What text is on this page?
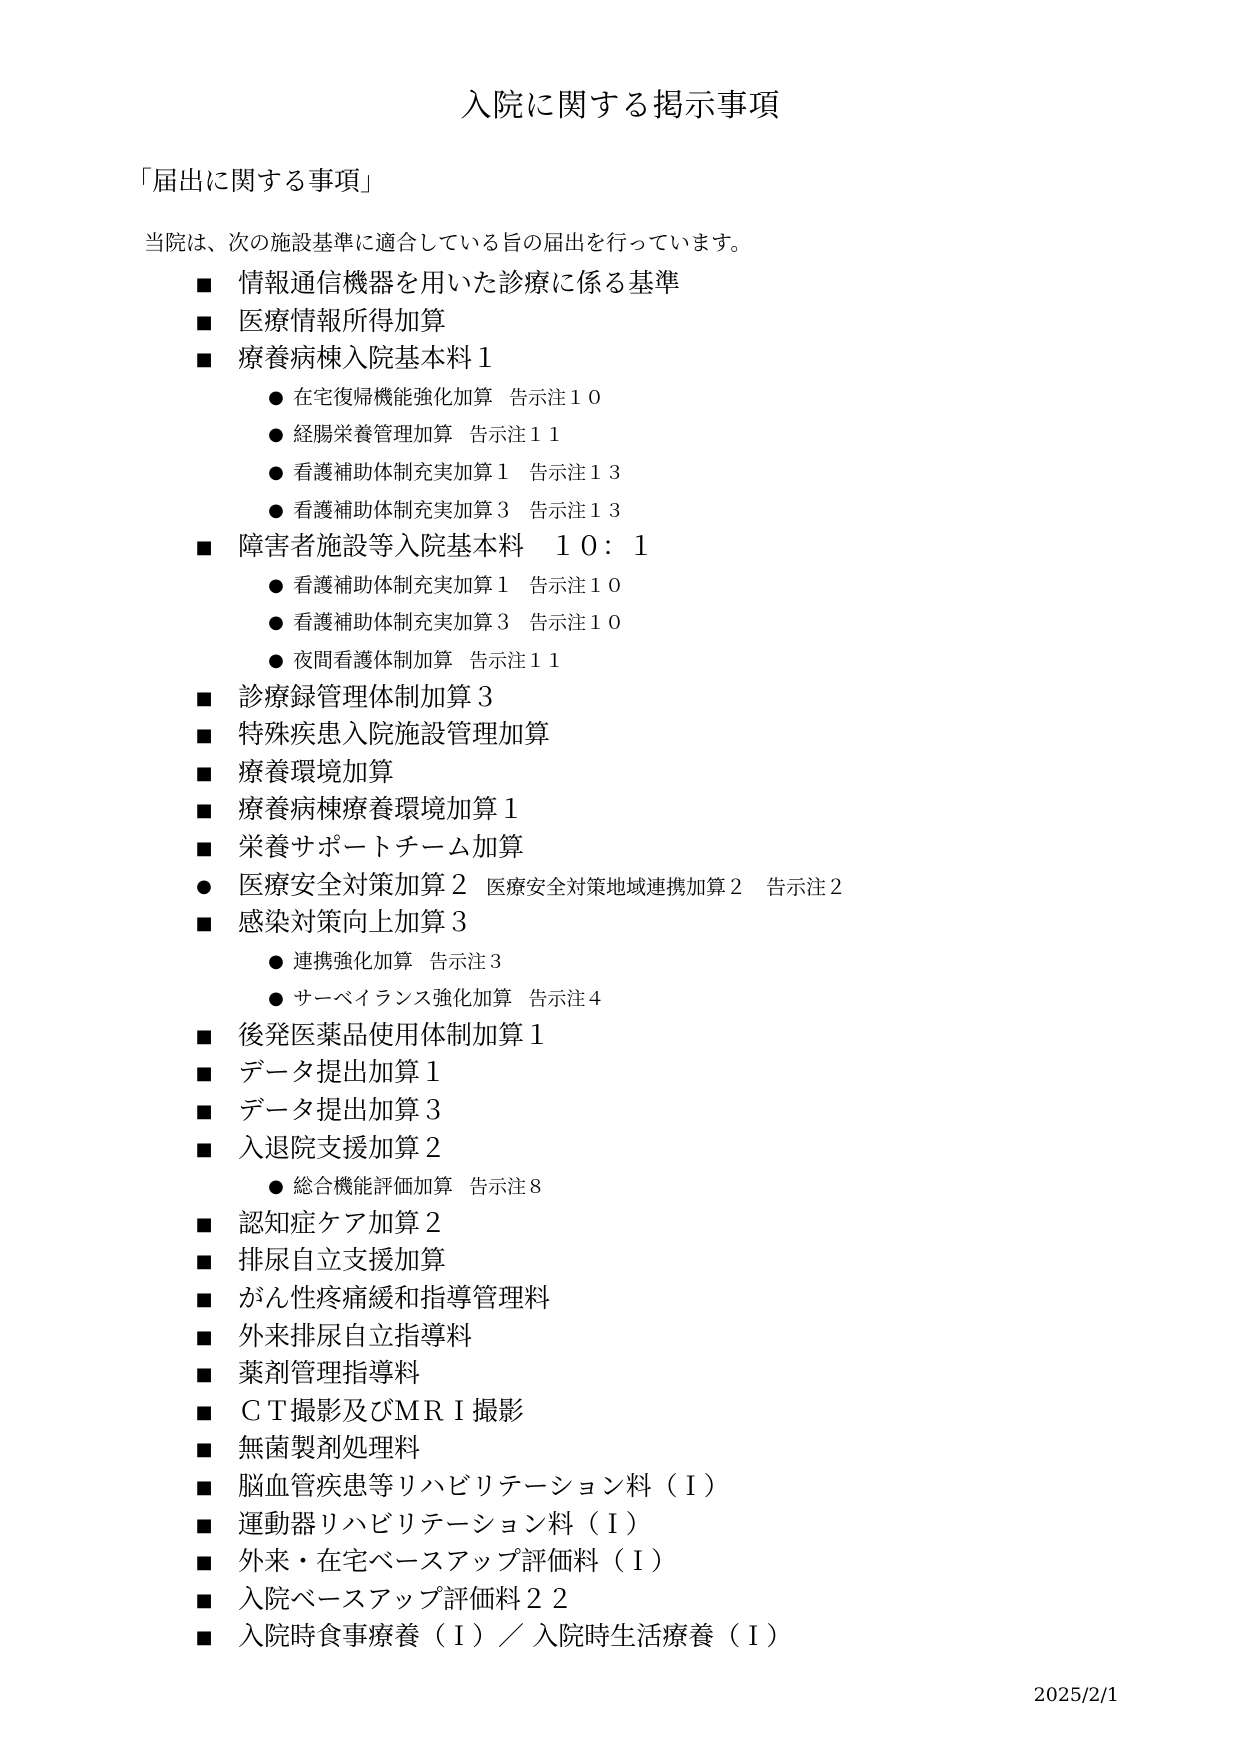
入院に関する掲示事項
「届出に関する事項」
当院は、次の施設基準に適合している旨の届出を行っています。
■ 情報通信機器を用いた診療に係る基準
■ 医療情報所得加算
■ 療養病棟入院基本料１
● 在宅復帰機能強化加算 告示注１０
● 経腸栄養管理加算 告示注１１
● 看護補助体制充実加算１ 告示注１３
● 看護補助体制充実加算３ 告示注１３
■ 障害者施設等入院基本料　１０：１
● 看護補助体制充実加算１ 告示注１０
● 看護補助体制充実加算３ 告示注１０
● 夜間看護体制加算 告示注１１
■ 診療録管理体制加算３
■ 特殊疾患入院施設管理加算
■ 療養環境加算
■ 療養病棟療養環境加算１
■ 栄養サポートチーム加算
● 医療安全対策加算２ 医療安全対策地域連携加算２　告示注２
■ 感染対策向上加算３
● 連携強化加算 告示注３
● サーベイランス強化加算 告示注４
■ 後発医薬品使用体制加算１
■ データ提出加算１
■ データ提出加算３
■ 入退院支援加算２
● 総合機能評価加算 告示注８
■ 認知症ケア加算２
■ 排尿自立支援加算
■ がん性疼痛緩和指導管理料
■ 外来排尿自立指導料
■ 薬剤管理指導料
■ ＣＴ撮影及びＭＲＩ撮影
■ 無菌製剤処理料
■ 脳血管疾患等リハビリテーション料（Ｉ）
■ 運動器リハビリテーション料（Ｉ）
■ 外来・在宅ベースアップ評価料（Ｉ）
■ 入院ベースアップ評価料２２
■ 入院時食事療養（Ｉ）／ 入院時生活療養（Ｉ）
2025/2/1
